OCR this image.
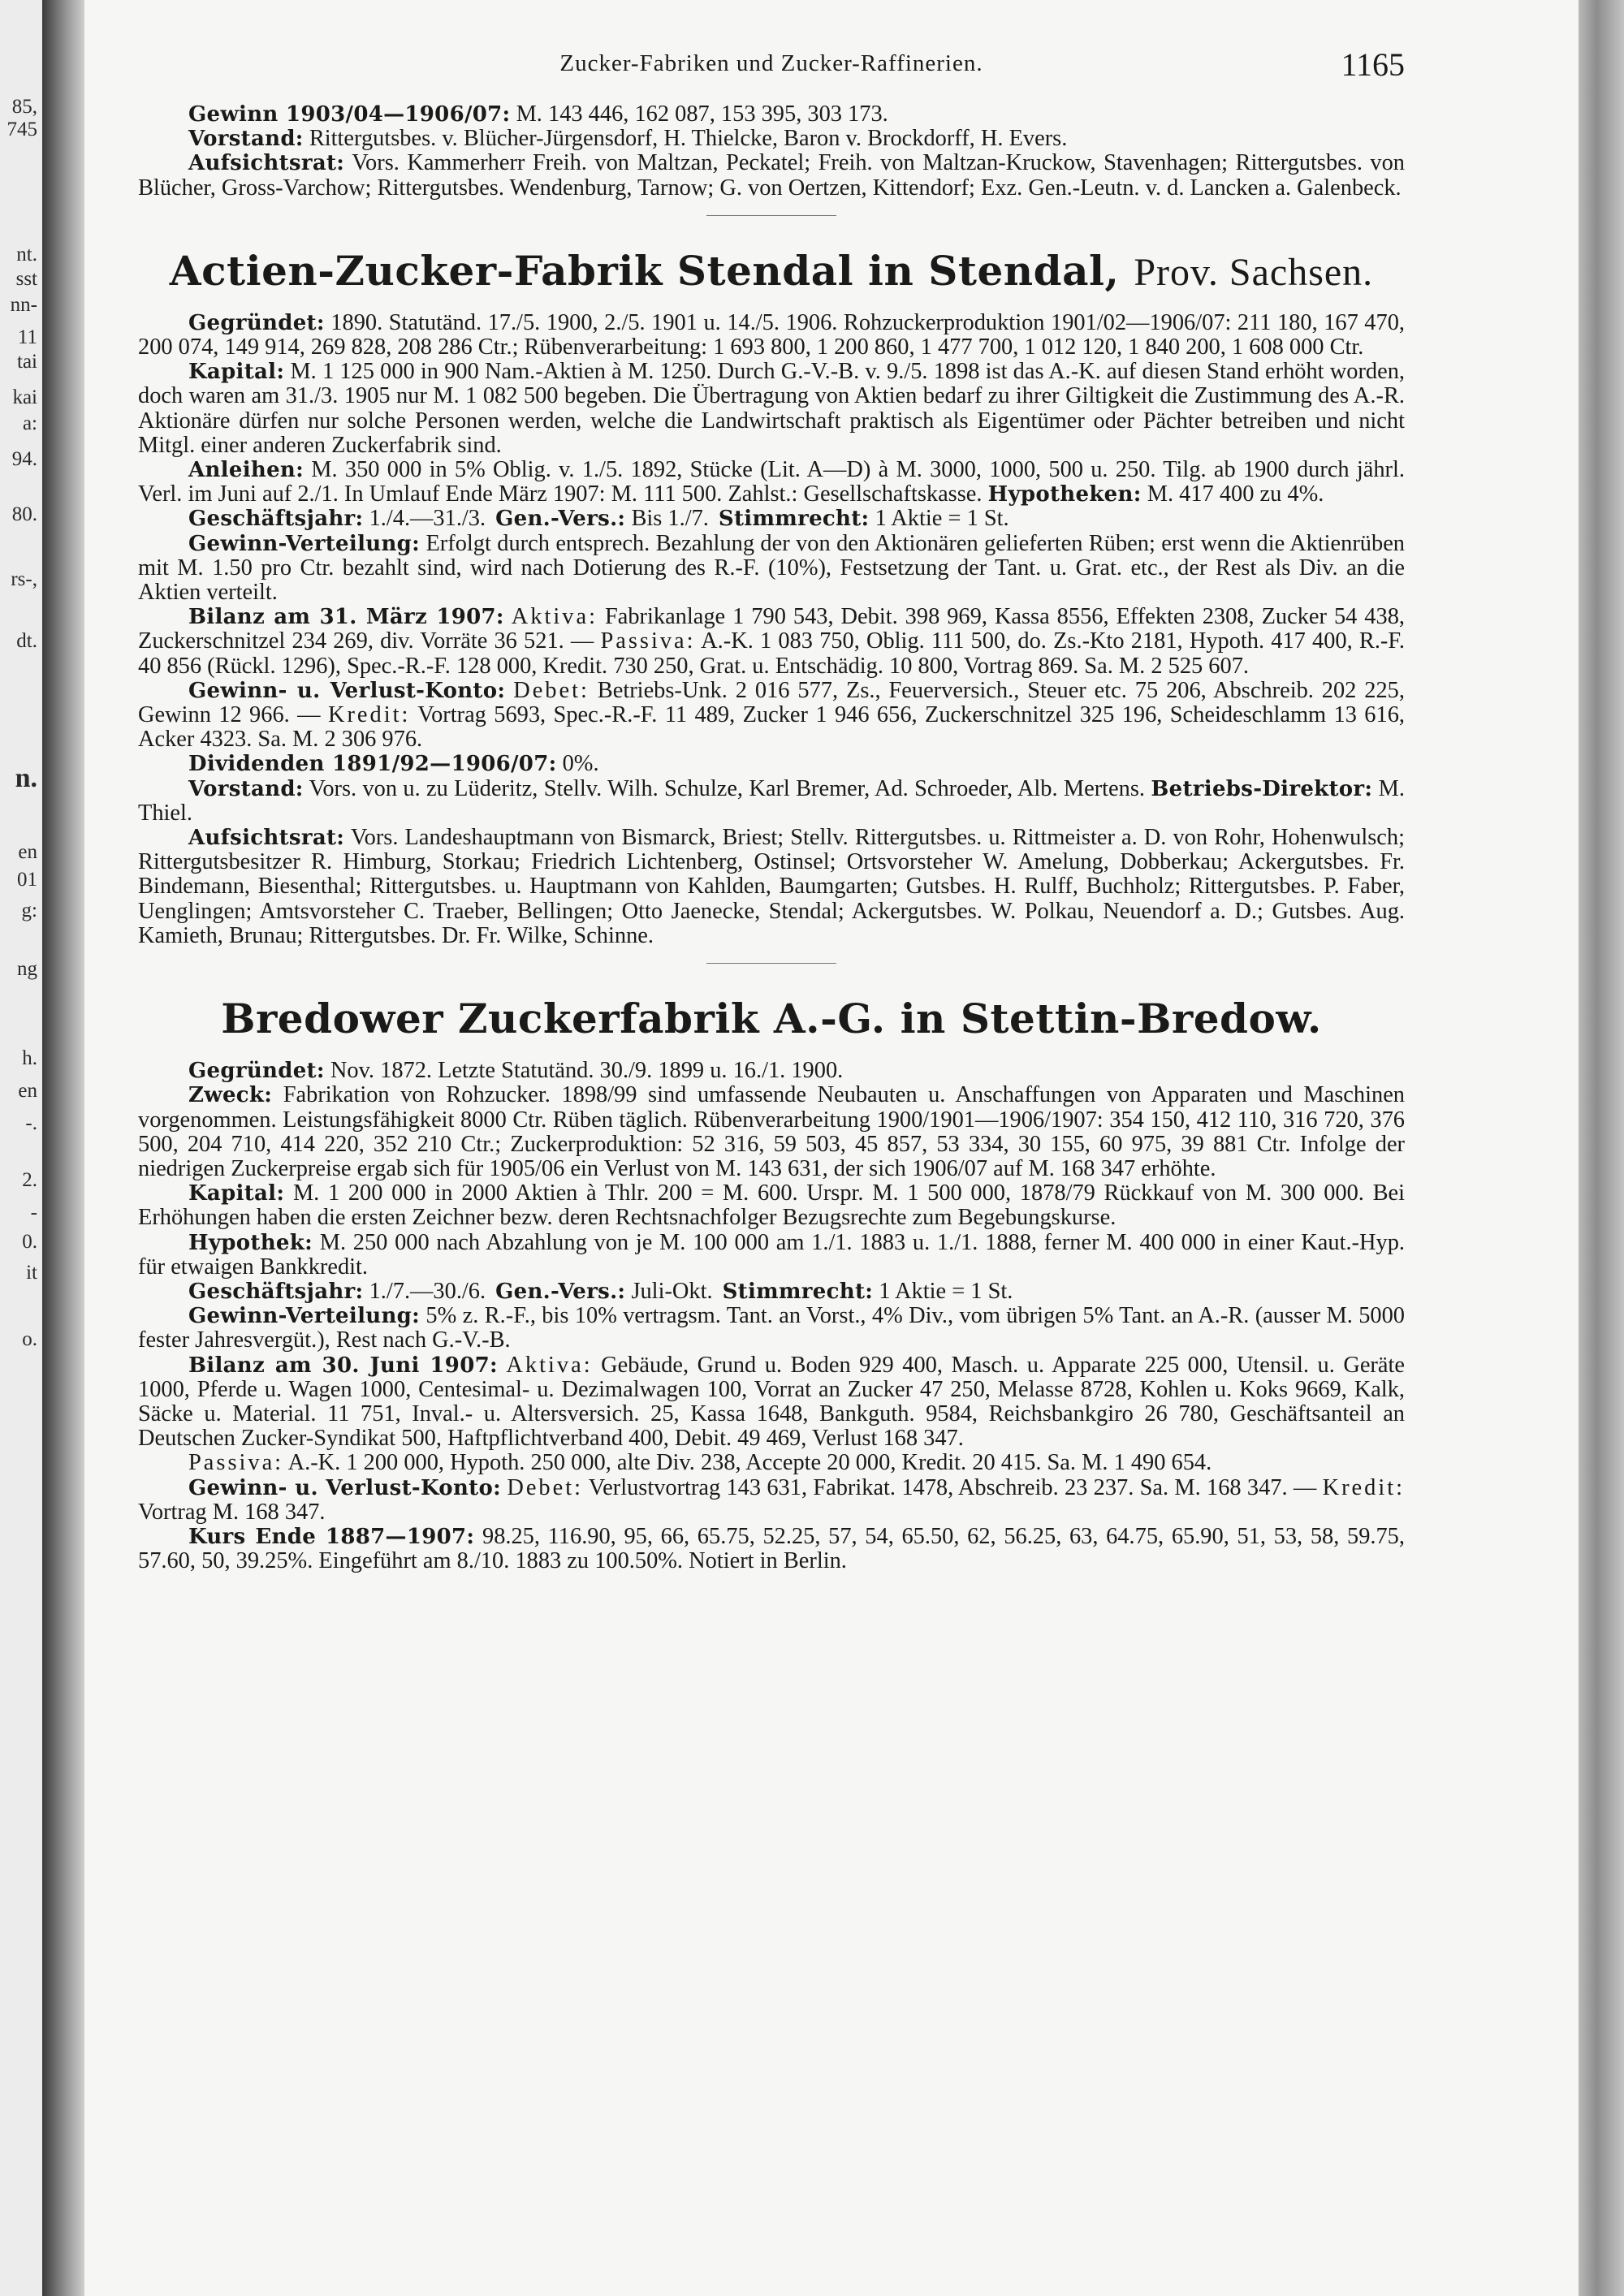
85,
745
nt.
sst
nn-
11
tai
kai
a:
94.
80.
rs-,
dt.
n.
en
01
g:
ng
h.
en
-.
2.
-
0.
it
o.
Zucker-Fabriken und Zucker-Raffinerien.	1165

Gewinn 1903/04—1906/07: M. 143 446, 162 087, 153 395, 303 173.

Vorstand: Rittergutsbes. v. Blücher-Jürgensdorf, H. Thielcke, Baron v. Brockdorff, H. Evers.

Aufsichtsrat: Vors. Kammerherr Freih. von Maltzan, Peckatel; Freih. von Maltzan-Kruckow, Stavenhagen; Rittergutsbes. von Blücher, Gross-Varchow; Rittergutsbes. Wendenburg, Tarnow; G. von Oertzen, Kittendorf; Exz. Gen.-Leutn. v. d. Lancken a. Galenbeck.

Actien-Zucker-Fabrik Stendal in Stendal, Prov. Sachsen.

Gegründet: 1890. Statutänd. 17./5. 1900, 2./5. 1901 u. 14./5. 1906. Rohzuckerproduktion 1901/02—1906/07: 211 180, 167 470, 200 074, 149 914, 269 828, 208 286 Ctr.; Rübenverarbeitung: 1 693 800, 1 200 860, 1 477 700, 1 012 120, 1 840 200, 1 608 000 Ctr.

Kapital: M. 1 125 000 in 900 Nam.-Aktien à M. 1250. Durch G.-V.-B. v. 9./5. 1898 ist das A.-K. auf diesen Stand erhöht worden, doch waren am 31./3. 1905 nur M. 1 082 500 begeben. Die Übertragung von Aktien bedarf zu ihrer Giltigkeit die Zustimmung des A.-R. Aktionäre dürfen nur solche Personen werden, welche die Landwirtschaft praktisch als Eigentümer oder Pächter betreiben und nicht Mitgl. einer anderen Zuckerfabrik sind.

Anleihen: M. 350 000 in 5% Oblig. v. 1./5. 1892, Stücke (Lit. A—D) à M. 3000, 1000, 500 u. 250. Tilg. ab 1900 durch jährl. Verl. im Juni auf 2./1. In Umlauf Ende März 1907: M. 111 500. Zahlst.: Gesellschaftskasse. Hypotheken: M. 417 400 zu 4%.

Geschäftsjahr: 1./4.—31./3. Gen.-Vers.: Bis 1./7. Stimmrecht: 1 Aktie = 1 St.

Gewinn-Verteilung: Erfolgt durch entsprech. Bezahlung der von den Aktionären gelieferten Rüben; erst wenn die Aktienrüben mit M. 1.50 pro Ctr. bezahlt sind, wird nach Dotierung des R.-F. (10%), Festsetzung der Tant. u. Grat. etc., der Rest als Div. an die Aktien verteilt.

Bilanz am 31. März 1907: Aktiva: Fabrikanlage 1 790 543, Debit. 398 969, Kassa 8556, Effekten 2308, Zucker 54 438, Zuckerschnitzel 234 269, div. Vorräte 36 521. — Passiva: A.-K. 1 083 750, Oblig. 111 500, do. Zs.-Kto 2181, Hypoth. 417 400, R.-F. 40 856 (Rückl. 1296), Spec.-R.-F. 128 000, Kredit. 730 250, Grat. u. Entschädig. 10 800, Vortrag 869. Sa. M. 2 525 607.

Gewinn- u. Verlust-Konto: Debet: Betriebs-Unk. 2 016 577, Zs., Feuerversich., Steuer etc. 75 206, Abschreib. 202 225, Gewinn 12 966. — Kredit: Vortrag 5693, Spec.-R.-F. 11 489, Zucker 1 946 656, Zuckerschnitzel 325 196, Scheideschlamm 13 616, Acker 4323. Sa. M. 2 306 976.

Dividenden 1891/92—1906/07: 0%.

Vorstand: Vors. von u. zu Lüderitz, Stellv. Wilh. Schulze, Karl Bremer, Ad. Schroeder, Alb. Mertens. Betriebs-Direktor: M. Thiel.

Aufsichtsrat: Vors. Landeshauptmann von Bismarck, Briest; Stellv. Rittergutsbes. u. Rittmeister a. D. von Rohr, Hohenwulsch; Rittergutsbesitzer R. Himburg, Storkau; Friedrich Lichtenberg, Ostinsel; Ortsvorsteher W. Amelung, Dobberkau; Ackergutsbes. Fr. Bindemann, Biesenthal; Rittergutsbes. u. Hauptmann von Kahlden, Baumgarten; Gutsbes. H. Rulff, Buchholz; Rittergutsbes. P. Faber, Uenglingen; Amtsvorsteher C. Traeber, Bellingen; Otto Jaenecke, Stendal; Ackergutsbes. W. Polkau, Neuendorf a. D.; Gutsbes. Aug. Kamieth, Brunau; Rittergutsbes. Dr. Fr. Wilke, Schinne.

Bredower Zuckerfabrik A.-G. in Stettin-Bredow.

Gegründet: Nov. 1872. Letzte Statutänd. 30./9. 1899 u. 16./1. 1900.

Zweck: Fabrikation von Rohzucker. 1898/99 sind umfassende Neubauten u. Anschaffungen von Apparaten und Maschinen vorgenommen. Leistungsfähigkeit 8000 Ctr. Rüben täglich. Rübenverarbeitung 1900/1901—1906/1907: 354 150, 412 110, 316 720, 376 500, 204 710, 414 220, 352 210 Ctr.; Zuckerproduktion: 52 316, 59 503, 45 857, 53 334, 30 155, 60 975, 39 881 Ctr. Infolge der niedrigen Zuckerpreise ergab sich für 1905/06 ein Verlust von M. 143 631, der sich 1906/07 auf M. 168 347 erhöhte.

Kapital: M. 1 200 000 in 2000 Aktien à Thlr. 200 = M. 600. Urspr. M. 1 500 000, 1878/79 Rückkauf von M. 300 000. Bei Erhöhungen haben die ersten Zeichner bezw. deren Rechtsnachfolger Bezugsrechte zum Begebungskurse.

Hypothek: M. 250 000 nach Abzahlung von je M. 100 000 am 1./1. 1883 u. 1./1. 1888, ferner M. 400 000 in einer Kaut.-Hyp. für etwaigen Bankkredit.

Geschäftsjahr: 1./7.—30./6. Gen.-Vers.: Juli-Okt. Stimmrecht: 1 Aktie = 1 St.

Gewinn-Verteilung: 5% z. R.-F., bis 10% vertragsm. Tant. an Vorst., 4% Div., vom übrigen 5% Tant. an A.-R. (ausser M. 5000 fester Jahresvergüt.), Rest nach G.-V.-B.

Bilanz am 30. Juni 1907: Aktiva: Gebäude, Grund u. Boden 929 400, Masch. u. Apparate 225 000, Utensil. u. Geräte 1000, Pferde u. Wagen 1000, Centesimal- u. Dezimalwagen 100, Vorrat an Zucker 47 250, Melasse 8728, Kohlen u. Koks 9669, Kalk, Säcke u. Material. 11 751, Inval.- u. Altersversich. 25, Kassa 1648, Bankguth. 9584, Reichsbankgiro 26 780, Geschäftsanteil an Deutschen Zucker-Syndikat 500, Haftpflichtverband 400, Debit. 49 469, Verlust 168 347.

Passiva: A.-K. 1 200 000, Hypoth. 250 000, alte Div. 238, Accepte 20 000, Kredit. 20 415. Sa. M. 1 490 654.

Gewinn- u. Verlust-Konto: Debet: Verlustvortrag 143 631, Fabrikat. 1478, Abschreib. 23 237. Sa. M. 168 347. — Kredit: Vortrag M. 168 347.

Kurs Ende 1887—1907: 98.25, 116.90, 95, 66, 65.75, 52.25, 57, 54, 65.50, 62, 56.25, 63, 64.75, 65.90, 51, 53, 58, 59.75, 57.60, 50, 39.25%. Eingeführt am 8./10. 1883 zu 100.50%. Notiert in Berlin.
